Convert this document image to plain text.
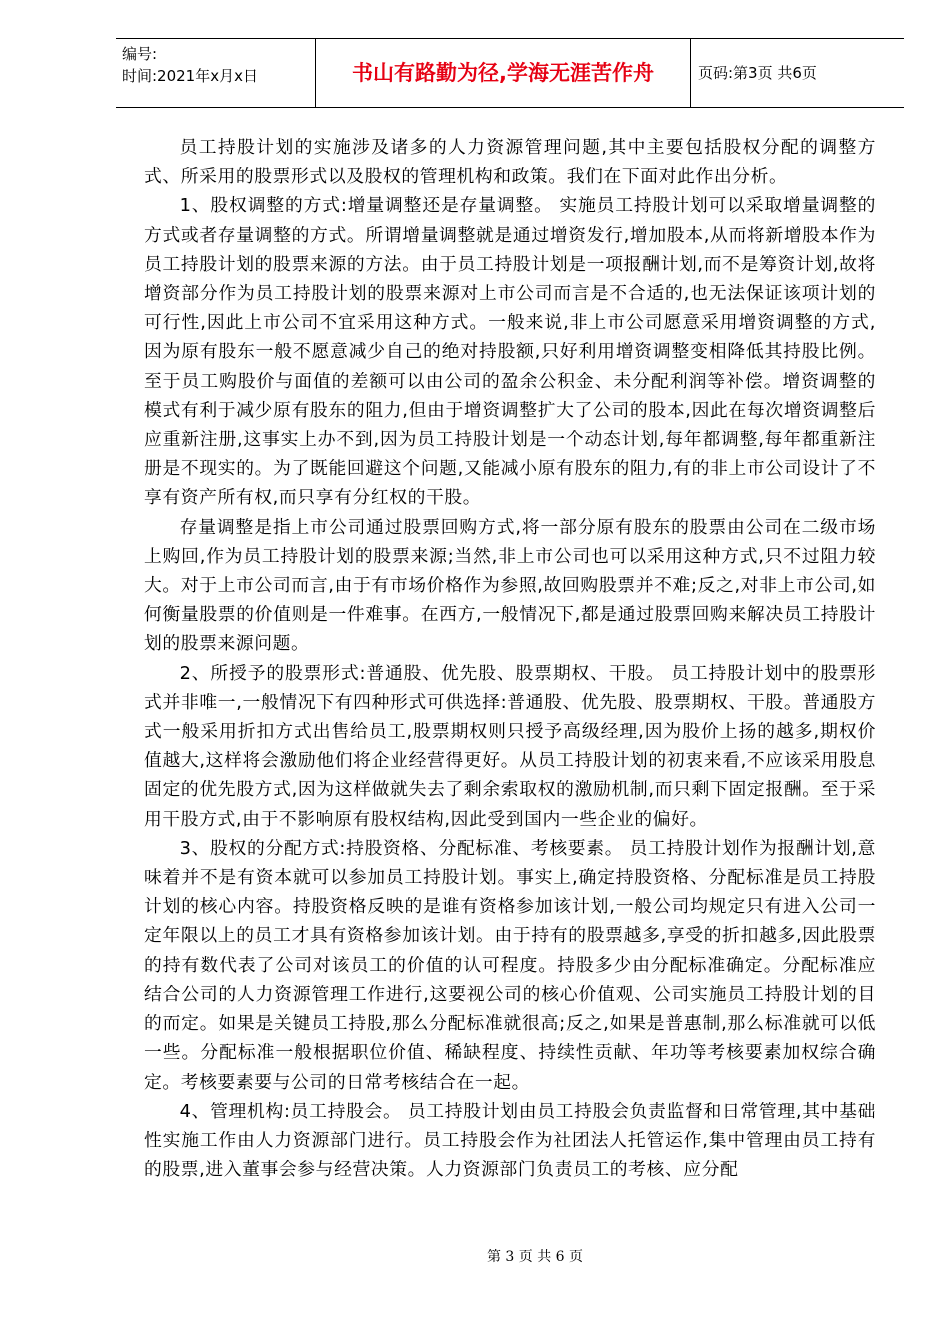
编号:
时间:2021年x月x日	书山有路勤为径,学海无涯苦作舟	页码:第3页 共6页

员工持股计划的实施涉及诸多的人力资源管理问题,其中主要包括股权分配的调整方式、所采用的股票形式以及股权的管理机构和政策。我们在下面对此作出分析。

1、股权调整的方式:增量调整还是存量调整。 实施员工持股计划可以采取增量调整的方式或者存量调整的方式。所谓增量调整就是通过增资发行,增加股本,从而将新增股本作为员工持股计划的股票来源的方法。由于员工持股计划是一项报酬计划,而不是筹资计划,故将增资部分作为员工持股计划的股票来源对上市公司而言是不合适的,也无法保证该项计划的可行性,因此上市公司不宜采用这种方式。一般来说,非上市公司愿意采用增资调整的方式,因为原有股东一般不愿意减少自己的绝对持股额,只好利用增资调整变相降低其持股比例。至于员工购股价与面值的差额可以由公司的盈余公积金、未分配利润等补偿。增资调整的模式有利于减少原有股东的阻力,但由于增资调整扩大了公司的股本,因此在每次增资调整后应重新注册,这事实上办不到,因为员工持股计划是一个动态计划,每年都调整,每年都重新注册是不现实的。为了既能回避这个问题,又能减小原有股东的阻力,有的非上市公司设计了不享有资产所有权,而只享有分红权的干股。

存量调整是指上市公司通过股票回购方式,将一部分原有股东的股票由公司在二级市场上购回,作为员工持股计划的股票来源;当然,非上市公司也可以采用这种方式,只不过阻力较大。对于上市公司而言,由于有市场价格作为参照,故回购股票并不难;反之,对非上市公司,如何衡量股票的价值则是一件难事。在西方,一般情况下,都是通过股票回购来解决员工持股计划的股票来源问题。

2、所授予的股票形式:普通股、优先股、股票期权、干股。 员工持股计划中的股票形式并非唯一,一般情况下有四种形式可供选择:普通股、优先股、股票期权、干股。普通股方式一般采用折扣方式出售给员工,股票期权则只授予高级经理,因为股价上扬的越多,期权价值越大,这样将会激励他们将企业经营得更好。从员工持股计划的初衷来看,不应该采用股息固定的优先股方式,因为这样做就失去了剩余索取权的激励机制,而只剩下固定报酬。至于采用干股方式,由于不影响原有股权结构,因此受到国内一些企业的偏好。

3、股权的分配方式:持股资格、分配标准、考核要素。 员工持股计划作为报酬计划,意味着并不是有资本就可以参加员工持股计划。事实上,确定持股资格、分配标准是员工持股计划的核心内容。持股资格反映的是谁有资格参加该计划,一般公司均规定只有进入公司一定年限以上的员工才具有资格参加该计划。由于持有的股票越多,享受的折扣越多,因此股票的持有数代表了公司对该员工的价值的认可程度。持股多少由分配标准确定。分配标准应结合公司的人力资源管理工作进行,这要视公司的核心价值观、公司实施员工持股计划的目的而定。如果是关键员工持股,那么分配标准就很高;反之,如果是普惠制,那么标准就可以低一些。分配标准一般根据职位价值、稀缺程度、持续性贡献、年功等考核要素加权综合确定。考核要素要与公司的日常考核结合在一起。

4、管理机构:员工持股会。 员工持股计划由员工持股会负责监督和日常管理,其中基础性实施工作由人力资源部门进行。员工持股会作为社团法人托管运作,集中管理由员工持有的股票,进入董事会参与经营决策。人力资源部门负责员工的考核、应分配

第 3 页 共 6 页
